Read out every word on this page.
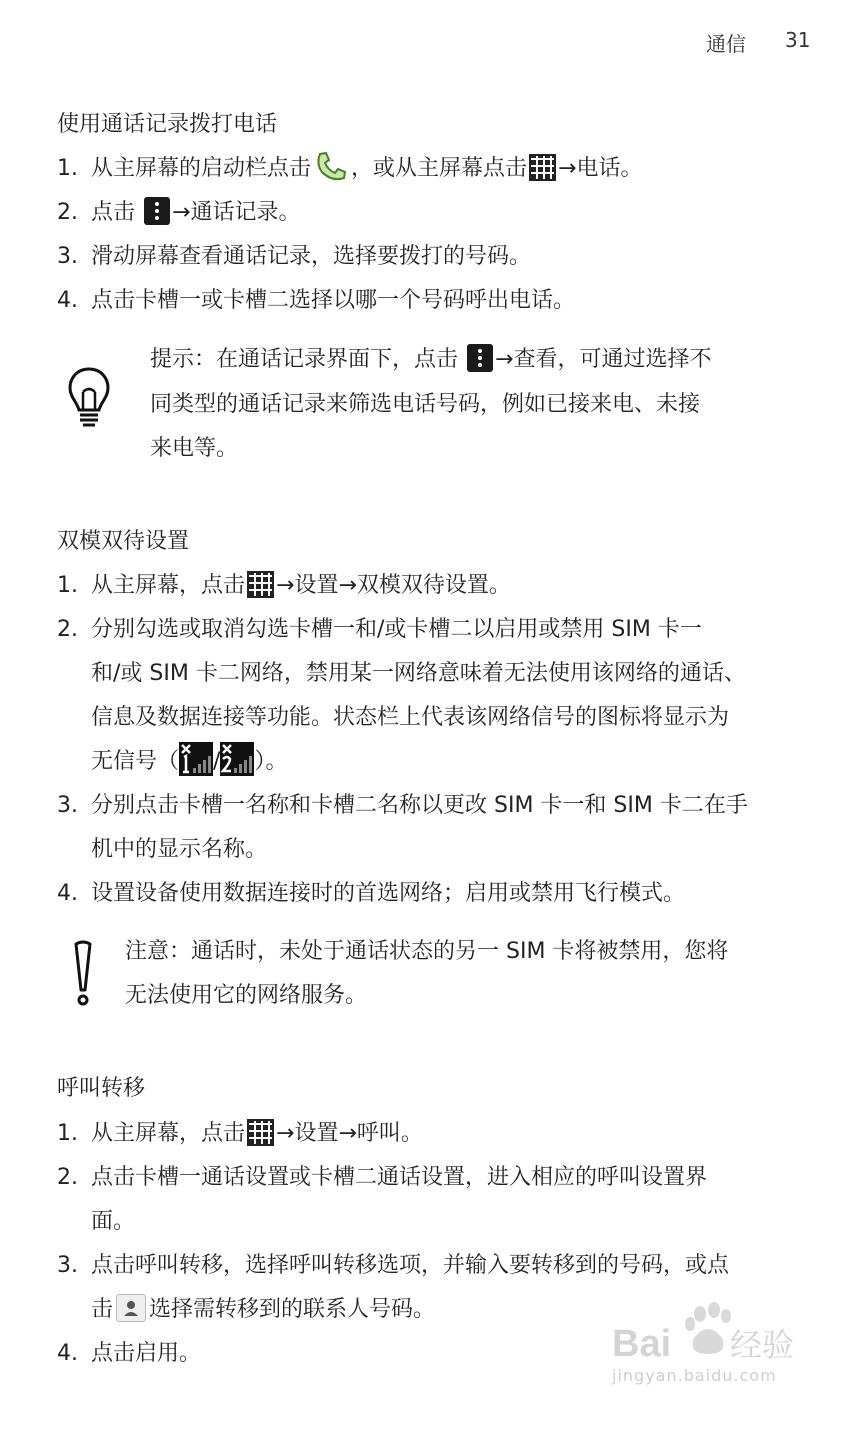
通信 31
使用通话记录拨打电话
1. 从主屏幕的启动栏点击 ，或从主屏幕点击 →电话。
2. 点击 →通话记录。
3. 滑动屏幕查看通话记录，选择要拨打的号码。
4. 点击卡槽一或卡槽二选择以哪一个号码呼出电话。
提示：在通话记录界面下，点击 →查看，可通过选择不
同类型的通话记录来筛选电话号码，例如已接来电、未接
来电等。
双模双待设置
1. 从主屏幕，点击 →设置→双模双待设置。
2. 分别勾选或取消勾选卡槽一和/或卡槽二以启用或禁用 SIM 卡一
和/或 SIM 卡二网络，禁用某一网络意味着无法使用该网络的通话、
信息及数据连接等功能。状态栏上代表该网络信号的图标将显示为
无信号（ / ）。
3. 分别点击卡槽一名称和卡槽二名称以更改 SIM 卡一和 SIM 卡二在手
机中的显示名称。
4. 设置设备使用数据连接时的首选网络；启用或禁用飞行模式。
注意：通话时，未处于通话状态的另一 SIM 卡将被禁用，您将
无法使用它的网络服务。
呼叫转移
1. 从主屏幕，点击 →设置→呼叫。
2. 点击卡槽一通话设置或卡槽二通话设置，进入相应的呼叫设置界
面。
3. 点击呼叫转移，选择呼叫转移选项，并输入要转移到的号码，或点
击 选择需转移到的联系人号码。
4. 点击启用。	Bai 经验
jingyan.baidu.com
